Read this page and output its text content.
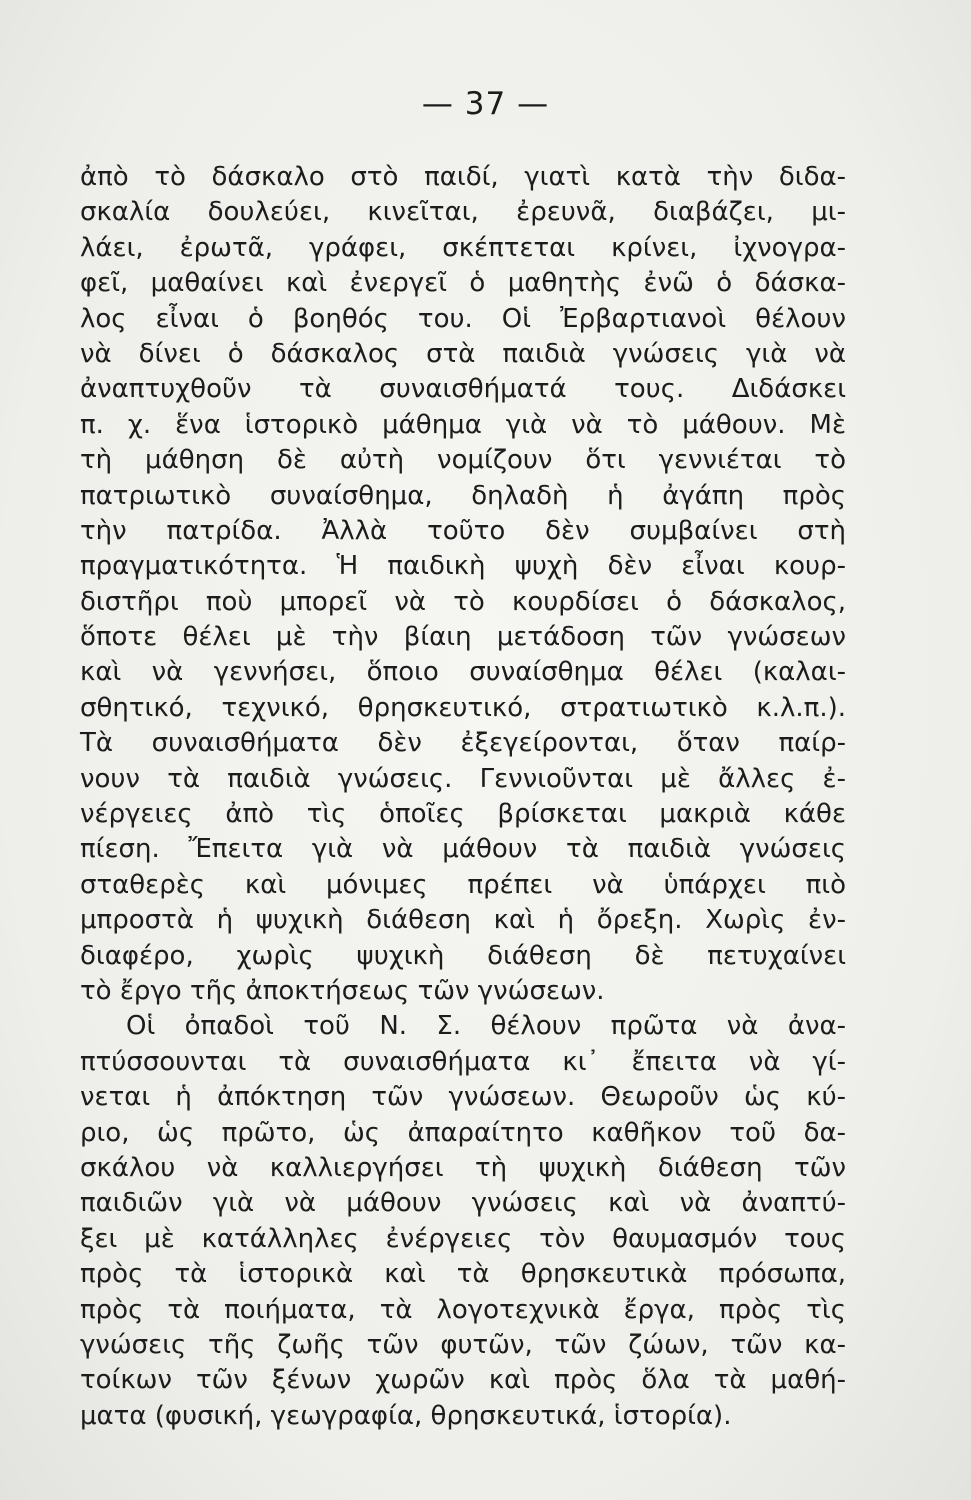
— 37 —
ἀπὸ τὸ δάσκαλο στὸ παιδί, γιατὶ κατὰ τὴν διδα-
σκαλία δουλεύει, κινεῖται, ἐρευνᾶ, διαβάζει, μι-
λάει, ἐρωτᾶ, γράφει, σκέπτεται κρίνει, ἰχνογρα-
φεῖ, μαθαίνει καὶ ἐνεργεῖ ὁ μαθητὴς ἐνῶ ὁ δάσκα-
λος εἶναι ὁ βοηθός του. Οἱ Ἐρβαρτιανοὶ θέλουν
νὰ δίνει ὁ δάσκαλος στὰ παιδιὰ γνώσεις γιὰ νὰ
ἀναπτυχθοῦν τὰ συναισθήματά τους. Διδάσκει
π. χ. ἕνα ἱστορικὸ μάθημα γιὰ νὰ τὸ μάθουν. Μὲ
τὴ μάθηση δὲ αὐτὴ νομίζουν ὅτι γεννιέται τὸ
πατριωτικὸ συναίσθημα, δηλαδὴ ἡ ἀγάπη πρὸς
τὴν πατρίδα. Ἀλλὰ τοῦτο δὲν συμβαίνει στὴ
πραγματικότητα. Ἡ παιδικὴ ψυχὴ δὲν εἶναι κουρ-
διστῆρι ποὺ μπορεῖ νὰ τὸ κουρδίσει ὁ δάσκαλος,
ὅποτε θέλει μὲ τὴν βίαιη μετάδοση τῶν γνώσεων
καὶ νὰ γεννήσει, ὅποιο συναίσθημα θέλει (καλαι-
σθητικό, τεχνικό, θρησκευτικό, στρατιωτικὸ κ.λ.π.).
Τὰ συναισθήματα δὲν ἐξεγείρονται, ὅταν παίρ-
νουν τὰ παιδιὰ γνώσεις. Γεννιοῦνται μὲ ἄλλες ἐ-
νέργειες ἀπὸ τὶς ὁποῖες βρίσκεται μακριὰ κάθε
πίεση. Ἔπειτα γιὰ νὰ μάθουν τὰ παιδιὰ γνώσεις
σταθερὲς καὶ μόνιμες πρέπει νὰ ὑπάρχει πιὸ
μπροστὰ ἡ ψυχικὴ διάθεση καὶ ἡ ὄρεξη. Χωρὶς ἐν-
διαφέρο, χωρὶς ψυχικὴ διάθεση δὲ πετυχαίνει
τὸ ἔργο τῆς ἀποκτήσεως τῶν γνώσεων.
Οἱ ὀπαδοὶ τοῦ Ν. Σ. θέλουν πρῶτα νὰ ἀνα-
πτύσσουνται τὰ συναισθήματα κι᾽ ἔπειτα νὰ γί-
νεται ἡ ἀπόκτηση τῶν γνώσεων. Θεωροῦν ὡς κύ-
ριο, ὡς πρῶτο, ὡς ἀπαραίτητο καθῆκον τοῦ δα-
σκάλου νὰ καλλιεργήσει τὴ ψυχικὴ διάθεση τῶν
παιδιῶν γιὰ νὰ μάθουν γνώσεις καὶ νὰ ἀναπτύ-
ξει μὲ κατάλληλες ἐνέργειες τὸν θαυμασμόν τους
πρὸς τὰ ἱστορικὰ καὶ τὰ θρησκευτικὰ πρόσωπα,
πρὸς τὰ ποιήματα, τὰ λογοτεχνικὰ ἔργα, πρὸς τὶς
γνώσεις τῆς ζωῆς τῶν φυτῶν, τῶν ζώων, τῶν κα-
τοίκων τῶν ξένων χωρῶν καὶ πρὸς ὅλα τὰ μαθή-
ματα (φυσική, γεωγραφία, θρησκευτικά, ἱστορία).
